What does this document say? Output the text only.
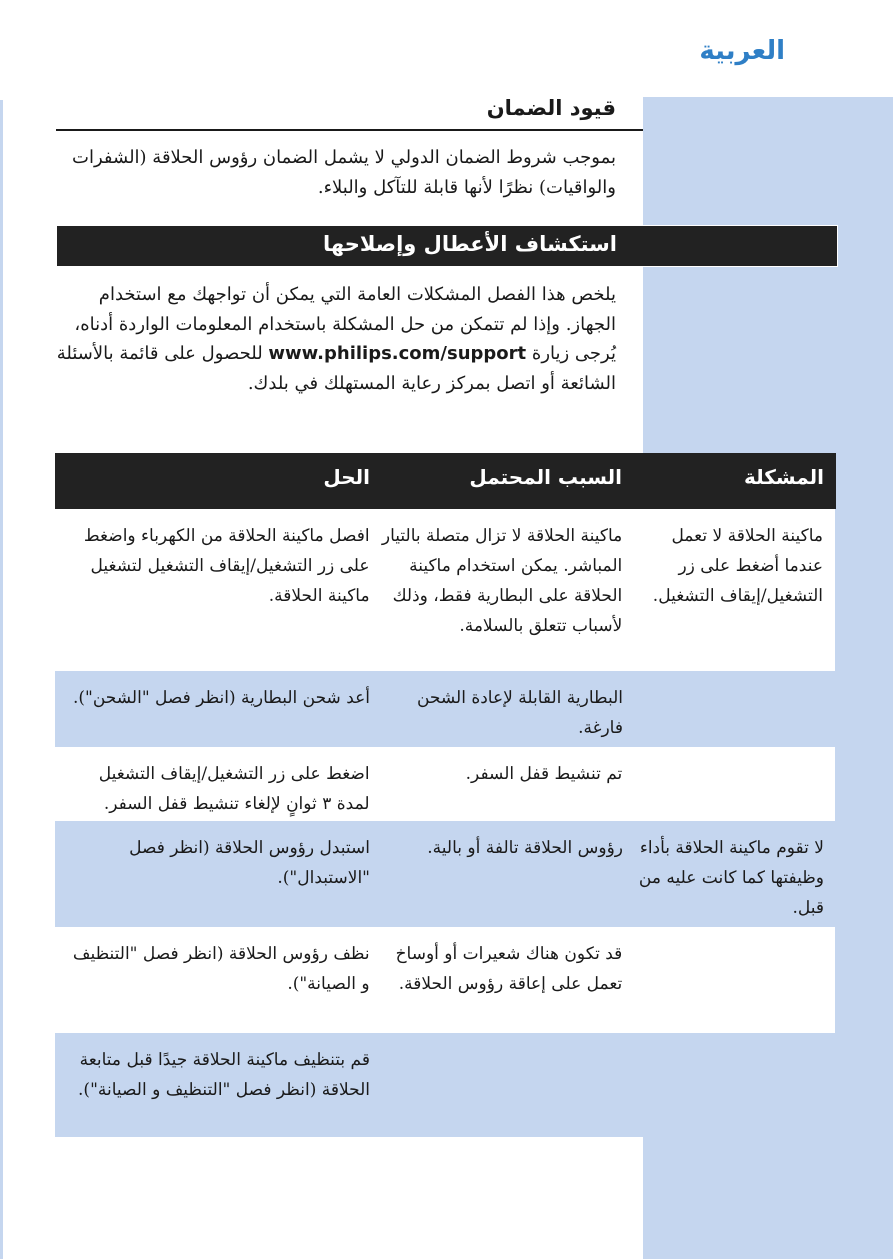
العربية
قيود الضمان
بموجب شروط الضمان الدولي لا يشمل الضمان رؤوس الحلاقة (الشفرات والواقيات) نظرًا لأنها قابلة للتآكل والبلاء.
استكشاف الأعطال وإصلاحها
يلخص هذا الفصل المشكلات العامة التي يمكن أن تواجهك مع استخدام الجهاز. وإذا لم تتمكن من حل المشكلة باستخدام المعلومات الواردة أدناه، يُرجى زيارة www.philips.com/support للحصول على قائمة بالأسئلة الشائعة أو اتصل بمركز رعاية المستهلك في بلدك.
المشكلة
السبب المحتمل
الحل
ماكينة الحلاقة لا تعمل عندما أضغط على زر التشغيل/إيقاف التشغيل.
ماكينة الحلاقة لا تزال متصلة بالتيار المباشر. يمكن استخدام ماكينة الحلاقة على البطارية فقط، وذلك لأسباب تتعلق بالسلامة.
افصل ماكينة الحلاقة من الكهرباء واضغط على زر التشغيل/إيقاف التشغيل لتشغيل ماكينة الحلاقة.
البطارية القابلة لإعادة الشحن فارغة.
أعد شحن البطارية (انظر فصل "الشحن").
تم تنشيط قفل السفر.
اضغط على زر التشغيل/إيقاف التشغيل لمدة ٣ ثوانٍ لإلغاء تنشيط قفل السفر.
لا تقوم ماكينة الحلاقة بأداء وظيفتها كما كانت عليه من قبل.
رؤوس الحلاقة تالفة أو بالية.
استبدل رؤوس الحلاقة (انظر فصل "الاستبدال").
قد تكون هناك شعيرات أو أوساخ تعمل على إعاقة رؤوس الحلاقة.
نظف رؤوس الحلاقة (انظر فصل "التنظيف و الصيانة").
قم بتنظيف ماكينة الحلاقة جيدًا قبل متابعة الحلاقة (انظر فصل "التنظيف و الصيانة").
